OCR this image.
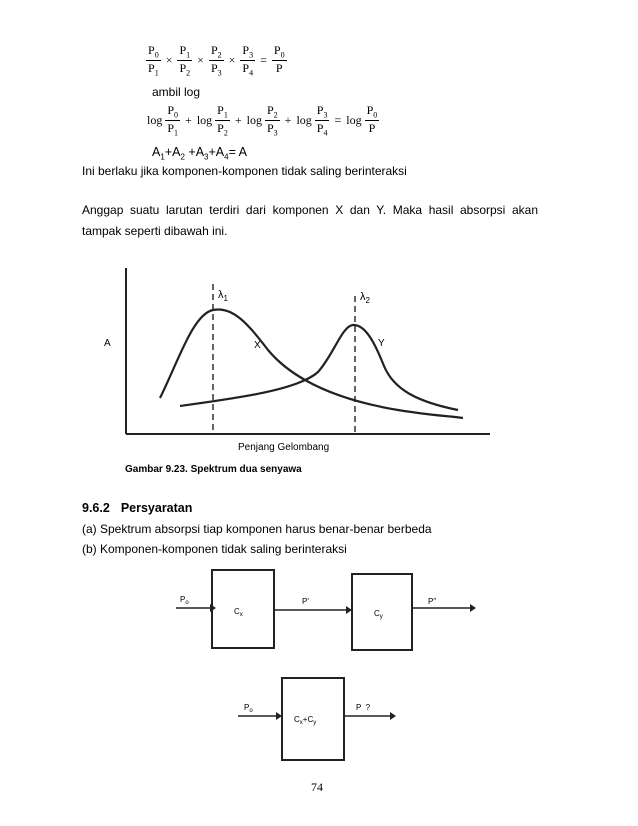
$\frac{P_0}{P_1} \times \frac{P_1}{P_2} \times \frac{P_2}{P_3} \times \frac{P_3}{P_4} = \frac{P_0}{P}$
ambil log
$\log \frac{P_0}{P_1} + \log \frac{P_1}{P_2} + \log \frac{P_2}{P_3} + \log \frac{P_3}{P_4} = \log \frac{P_0}{P}$
$A_1+A_2 +A_3+A_4= A$
Ini berlaku jika komponen-komponen tidak saling berinteraksi
Anggap suatu larutan terdiri dari komponen X dan Y. Maka hasil absorpsi akan tampak seperti dibawah ini.
A
$\lambda_1$	$\lambda_2$
X	Y
Penjang Gelombang
Gambar 9.23. Spektrum dua senyawa
9.6.2 Persyaratan
(a) Spektrum absorpsi tiap komponen harus benar-benar berbeda
(b) Komponen-komponen tidak saling berinteraksi
$P_o$
$C_x$
P'
$C_y$
P"
$P_o$
$C_x+C_y$
P  ?
74
